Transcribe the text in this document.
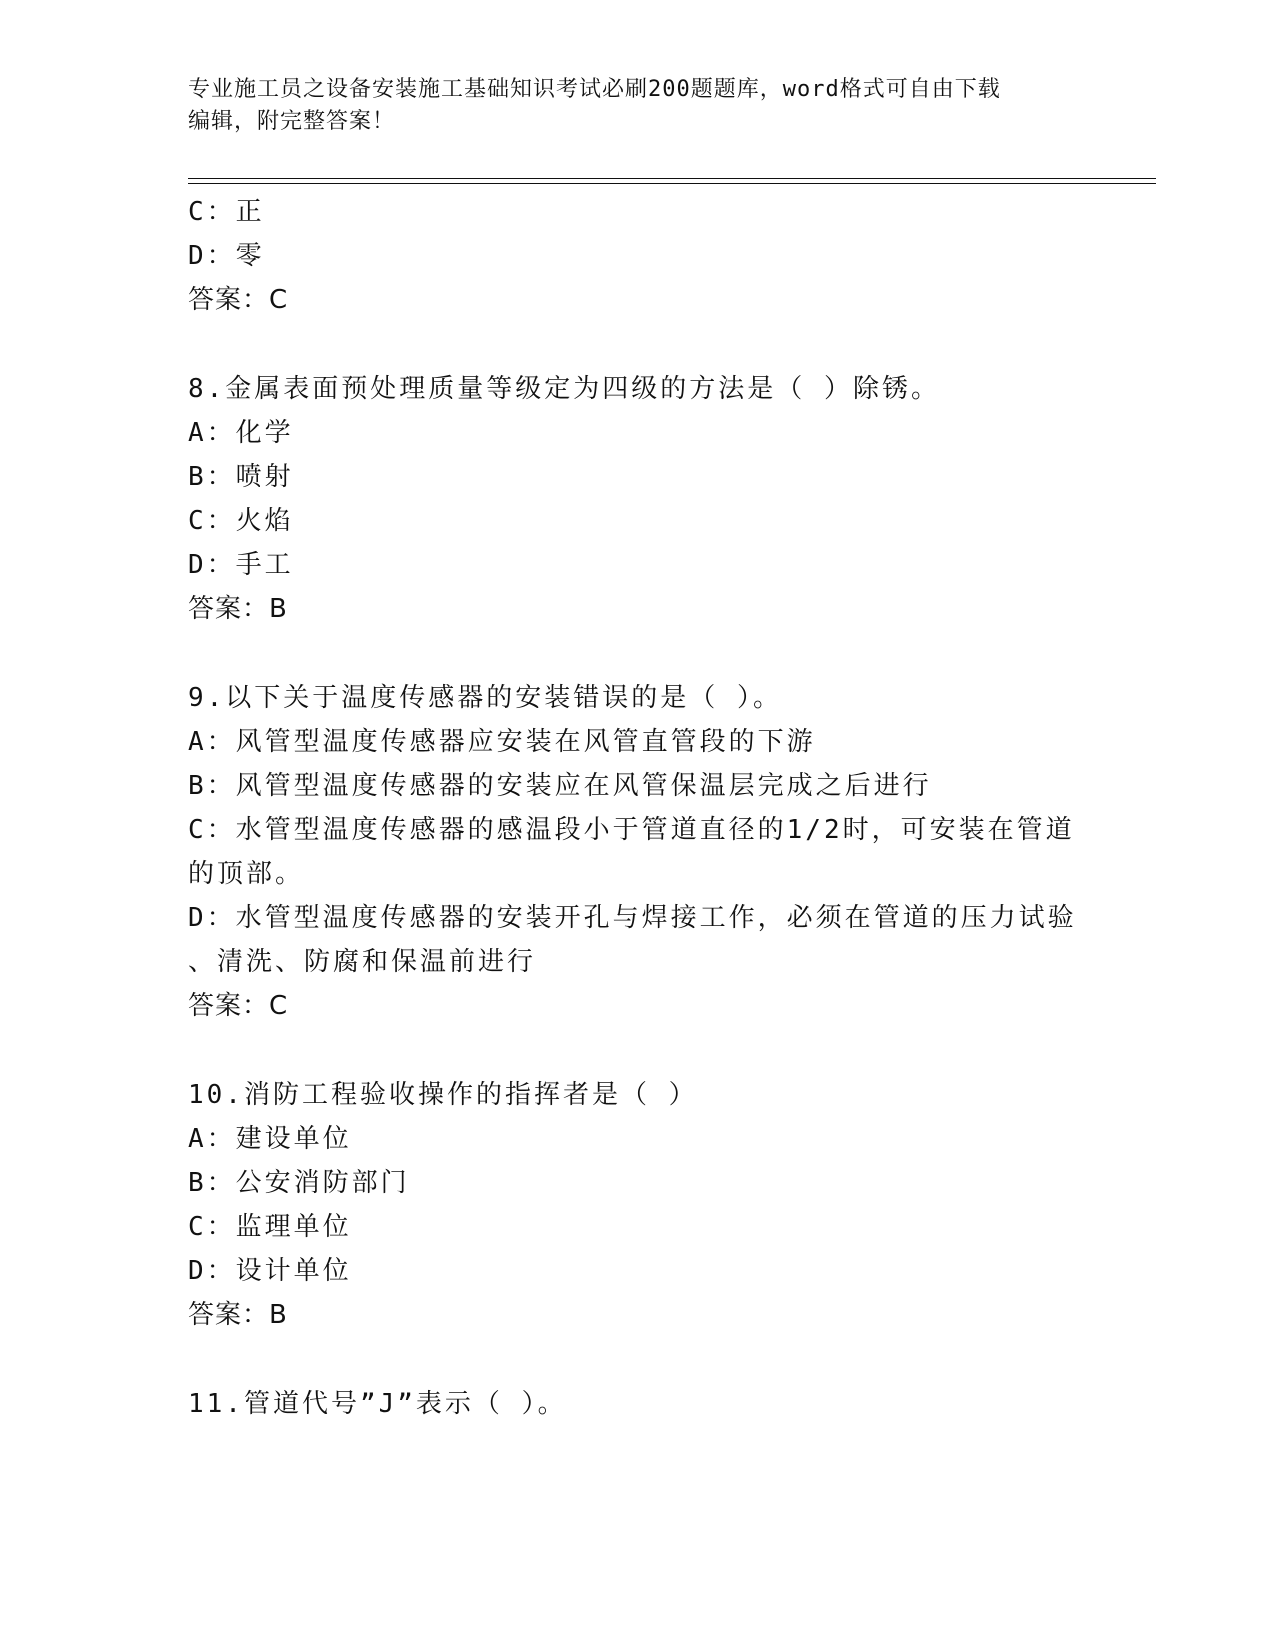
专业施工员之设备安装施工基础知识考试必刷200题题库，word格式可自由下载
编辑，附完整答案！
C：正
D：零
答案：C
8.金属表面预处理质量等级定为四级的方法是（ ）除锈。
A：化学
B：喷射
C：火焰
D：手工
答案：B
9.以下关于温度传感器的安装错误的是（ ）。
A：风管型温度传感器应安装在风管直管段的下游
B：风管型温度传感器的安装应在风管保温层完成之后进行
C：水管型温度传感器的感温段小于管道直径的1/2时，可安装在管道
的顶部。
D：水管型温度传感器的安装开孔与焊接工作，必须在管道的压力试验
、清洗、防腐和保温前进行
答案：C
10.消防工程验收操作的指挥者是（ ）
A：建设单位
B：公安消防部门
C：监理单位
D：设计单位
答案：B
11.管道代号”J”表示（ ）。
